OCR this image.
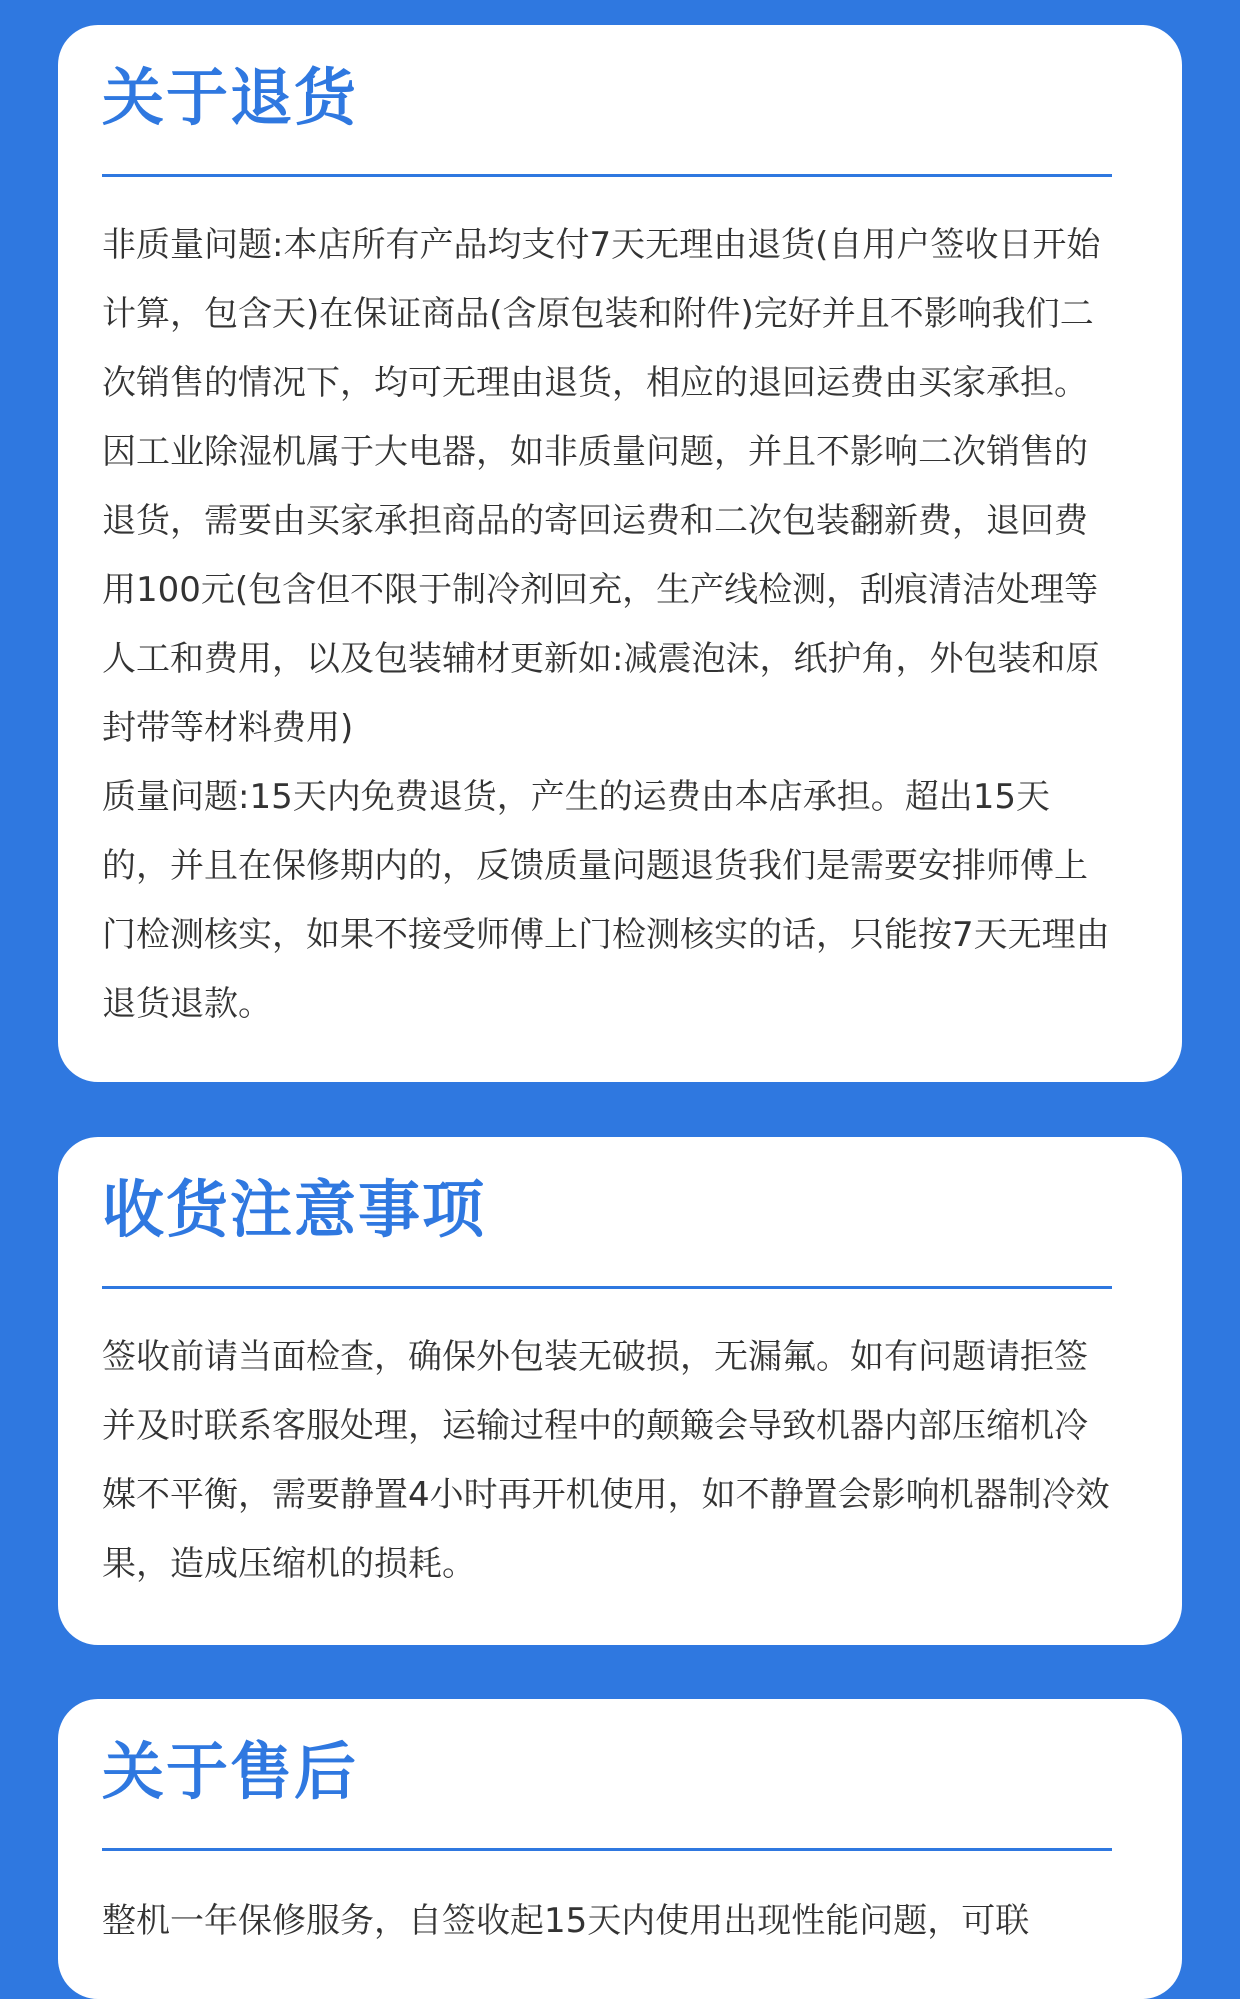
关于退货

非质量问题:本店所有产品均支付7天无理由退货(自用户签收日开始计算，包含天)在保证商品(含原包装和附件)完好并且不影响我们二次销售的情况下，均可无理由退货，相应的退回运费由买家承担。因工业除湿机属于大电器，如非质量问题，并且不影响二次销售的退货，需要由买家承担商品的寄回运费和二次包装翻新费，退回费用100元(包含但不限于制冷剂回充，生产线检测，刮痕清洁处理等人工和费用，以及包装辅材更新如:减震泡沫，纸护角，外包装和原封带等材料费用)

质量问题:15天内免费退货，产生的运费由本店承担。超出15天的，并且在保修期内的，反馈质量问题退货我们是需要安排师傅上门检测核实，如果不接受师傅上门检测核实的话，只能按7天无理由退货退款。

收货注意事项

签收前请当面检查，确保外包装无破损，无漏氟。如有问题请拒签并及时联系客服处理，运输过程中的颠簸会导致机器内部压缩机冷媒不平衡，需要静置4小时再开机使用，如不静置会影响机器制冷效果，造成压缩机的损耗。

关于售后

整机一年保修服务，自签收起15天内使用出现性能问题，可联
